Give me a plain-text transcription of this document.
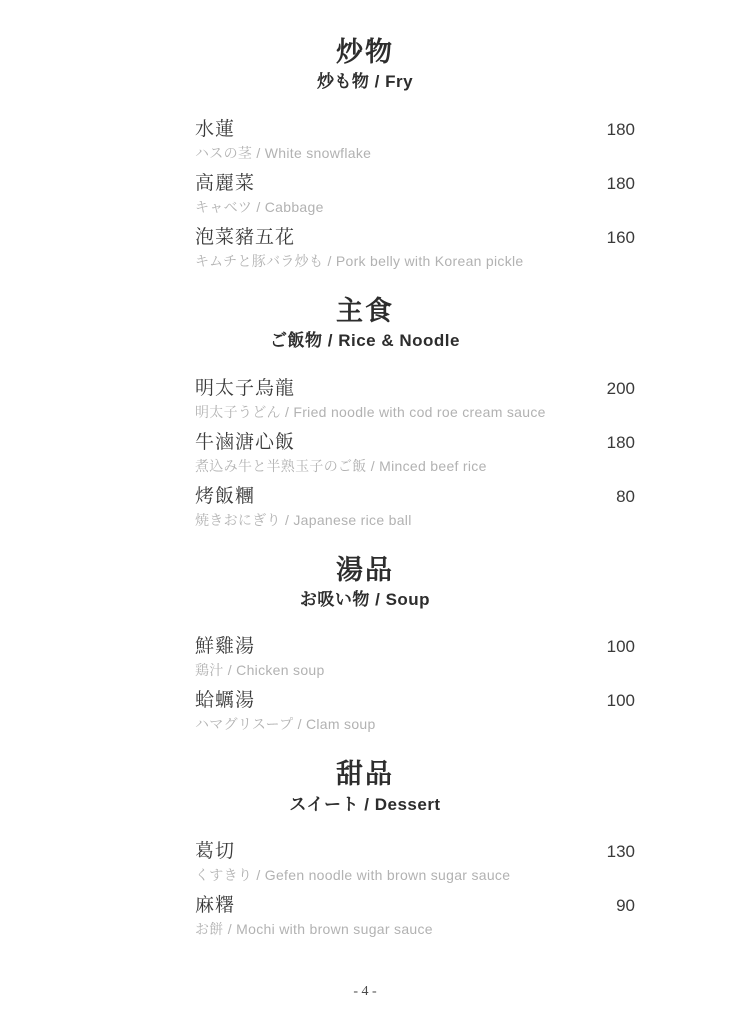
炒物
炒も物 / Fry
水蓮	180
ハスの茎 / White snowflake
高麗菜	180
キャベツ / Cabbage
泡菜豬五花	160
キムチと豚バラ炒も / Pork belly with Korean pickle
主食
ご飯物 / Rice & Noodle
明太子烏龍	200
明太子うどん / Fried noodle with cod roe cream sauce
牛滷溏心飯	180
煮込み牛と半熟玉子のご飯 / Minced beef rice
烤飯糰	80
焼きおにぎり / Japanese rice ball
湯品
お吸い物 / Soup
鮮雞湯	100
鶏汁 / Chicken soup
蛤蠣湯	100
ハマグリスープ / Clam soup
甜品
スイート / Dessert
葛切	130
くすきり / Gefen noodle with brown sugar sauce
麻糬	90
お餅 / Mochi with brown sugar sauce
- 4 -
